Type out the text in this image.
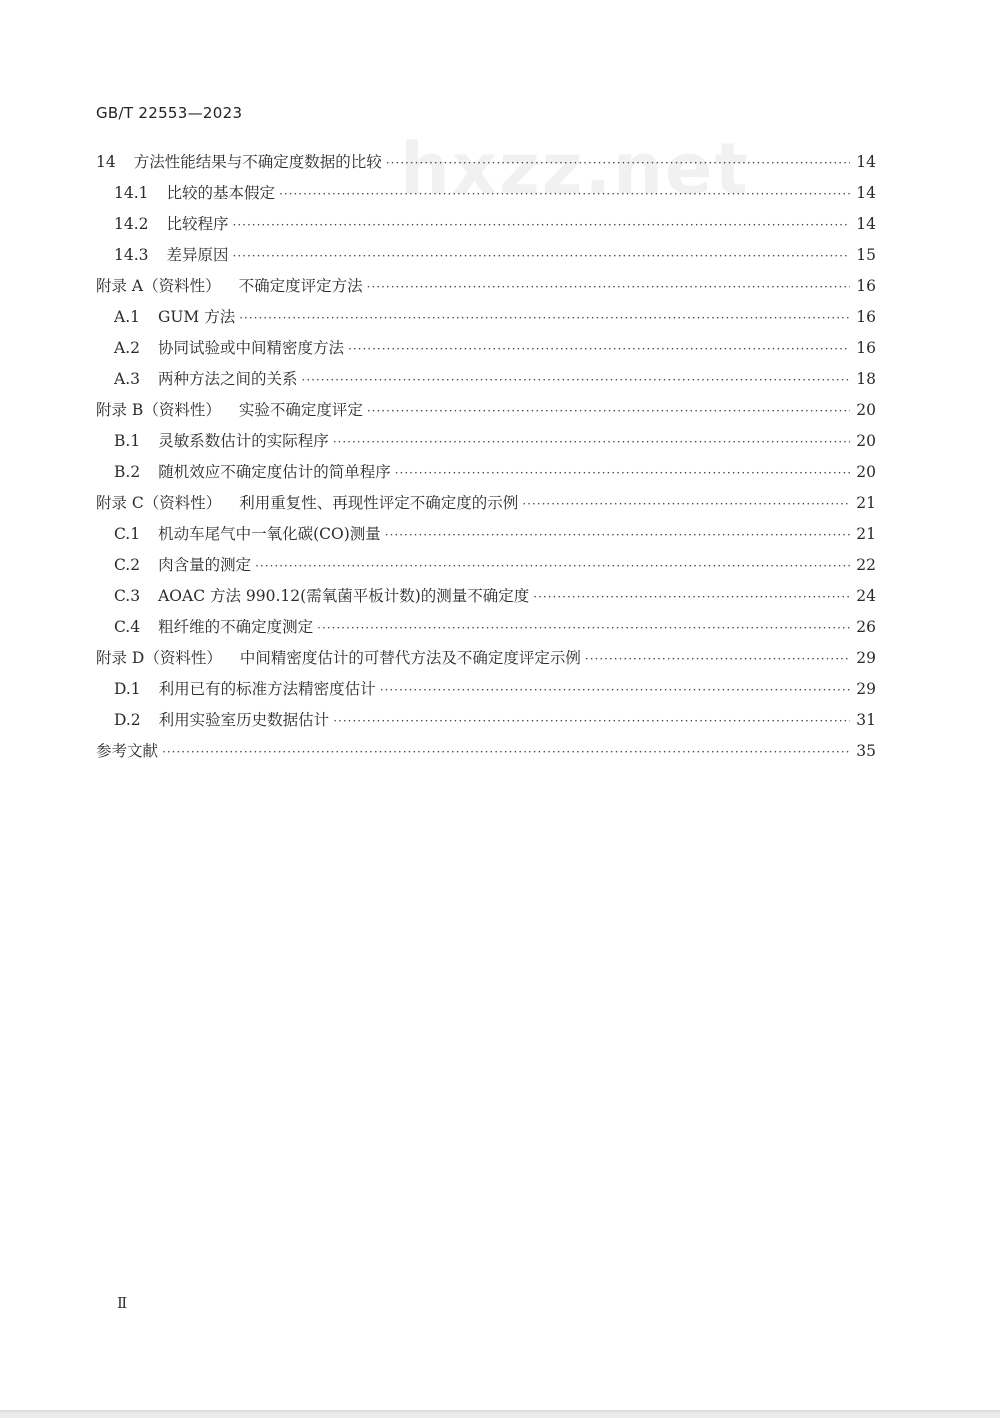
GB/T 22553—2023
hxzz.net
14 方法性能结果与不确定度数据的比较 ·····	14
14.1 比较的基本假定 ·····	14
14.2 比较程序 ·····	14
14.3 差异原因 ·····	15
附录 A（资料性） 不确定度评定方法 ·····	16
A.1 GUM 方法 ·····	16
A.2 协同试验或中间精密度方法 ·····	16
A.3 两种方法之间的关系 ·····	18
附录 B（资料性） 实验不确定度评定 ·····	20
B.1 灵敏系数估计的实际程序 ·····	20
B.2 随机效应不确定度估计的简单程序 ·····	20
附录 C（资料性） 利用重复性、再现性评定不确定度的示例 ·····	21
C.1 机动车尾气中一氧化碳(CO)测量 ·····	21
C.2 肉含量的测定 ·····	22
C.3 AOAC 方法 990.12(需氧菌平板计数)的测量不确定度 ·····	24
C.4 粗纤维的不确定度测定 ·····	26
附录 D（资料性） 中间精密度估计的可替代方法及不确定度评定示例 ·····	29
D.1 利用已有的标准方法精密度估计 ·····	29
D.2 利用实验室历史数据估计 ·····	31
参考文献 ·····	35
Ⅱ
